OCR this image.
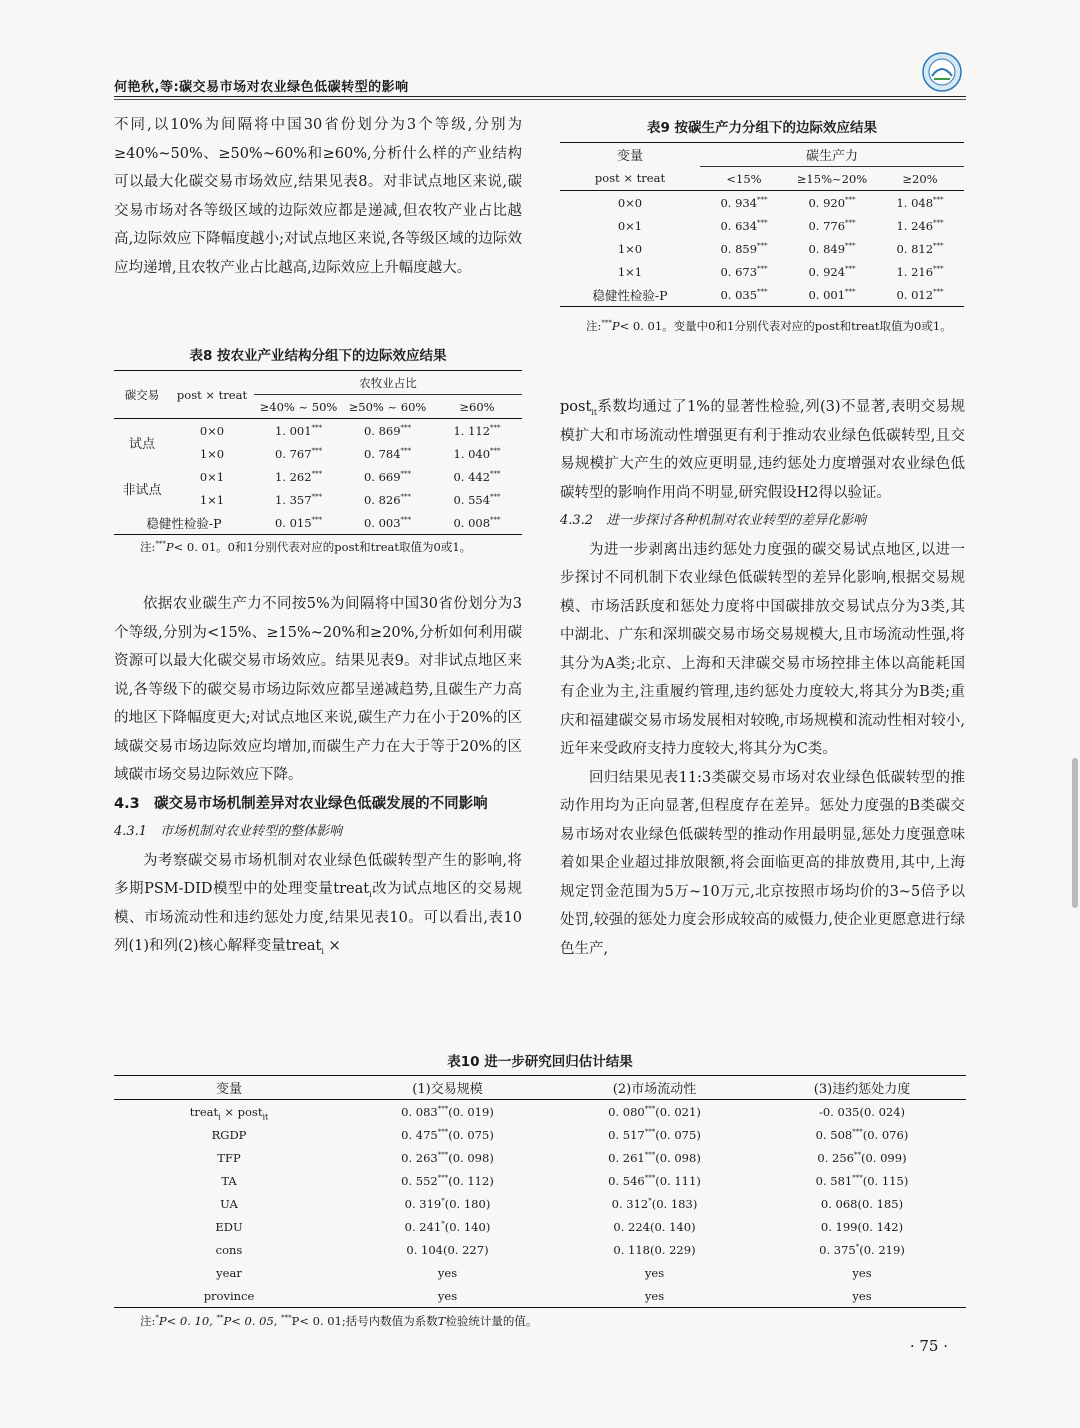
何艳秋,等:碳交易市场对农业绿色低碳转型的影响

不同,以10%为间隔将中国30省份划分为3个等级,分别为≥40%~50%、≥50%~60%和≥60%,分析什么样的产业结构可以最大化碳交易市场效应,结果见表8。对非试点地区来说,碳交易市场对各等级区域的边际效应都是递减,但农牧产业占比越高,边际效应下降幅度越小;对试点地区来说,各等级区域的边际效应均递增,且农牧产业占比越高,边际效应上升幅度越大。

表8 按农业产业结构分组下的边际效应结果
碳交易	post × treat	农牧业占比		
		≥40% ~ 50%	≥50% ~ 60%	≥60%
试点	0×0	1. 001***	0. 869***	1. 112***
	1×0	0. 767***	0. 784***	1. 040***
非试点	0×1	1. 262***	0. 669***	0. 442***
	1×1	1. 357***	0. 826***	0. 554***
稳健性检验-P		0. 015***	0. 003***	0. 008***
注:***P< 0. 01。0和1分别代表对应的post和treat取值为0或1。

依据农业碳生产力不同按5%为间隔将中国30省份划分为3个等级,分别为<15%、≥15%~20%和≥20%,分析如何利用碳资源可以最大化碳交易市场效应。结果见表9。对非试点地区来说,各等级下的碳交易市场边际效应都呈递减趋势,且碳生产力高的地区下降幅度更大;对试点地区来说,碳生产力在小于20%的区域碳交易市场边际效应均增加,而碳生产力在大于等于20%的区域碳市场交易边际效应下降。

4.3　碳交易市场机制差异对农业绿色低碳发展的不同影响

4.3.1　市场机制对农业转型的整体影响

为考察碳交易市场机制对农业绿色低碳转型产生的影响,将多期PSM-DID模型中的处理变量treat$_i$改为试点地区的交易规模、市场流动性和违约惩处力度,结果见表10。可以看出,表10列(1)和列(2)核心解释变量treat$_i$ ×

表9 按碳生产力分组下的边际效应结果
变量	碳生产力		
post × treat	<15%	≥15%~20%	≥20%
0×0	0. 934***	0. 920***	1. 048***
0×1	0. 634***	0. 776***	1. 246***
1×0	0. 859***	0. 849***	0. 812***
1×1	0. 673***	0. 924***	1. 216***
稳健性检验-P	0. 035***	0. 001***	0. 012***
注:***P< 0. 01。变量中0和1分别代表对应的post和treat取值为0或1。

post$_{it}$系数均通过了1%的显著性检验,列(3)不显著,表明交易规模扩大和市场流动性增强更有利于推动农业绿色低碳转型,且交易规模扩大产生的效应更明显,违约惩处力度增强对农业绿色低碳转型的影响作用尚不明显,研究假设H2得以验证。

4.3.2　进一步探讨各种机制对农业转型的差异化影响

为进一步剥离出违约惩处力度强的碳交易试点地区,以进一步探讨不同机制下农业绿色低碳转型的差异化影响,根据交易规模、市场活跃度和惩处力度将中国碳排放交易试点分为3类,其中湖北、广东和深圳碳交易市场交易规模大,且市场流动性强,将其分为A类;北京、上海和天津碳交易市场控排主体以高能耗国有企业为主,注重履约管理,违约惩处力度较大,将其分为B类;重庆和福建碳交易市场发展相对较晚,市场规模和流动性相对较小,近年来受政府支持力度较大,将其分为C类。

回归结果见表11:3类碳交易市场对农业绿色低碳转型的推动作用均为正向显著,但程度存在差异。惩处力度强的B类碳交易市场对农业绿色低碳转型的推动作用最明显,惩处力度强意味着如果企业超过排放限额,将会面临更高的排放费用,其中,上海规定罚金范围为5万~10万元,北京按照市场均价的3~5倍予以处罚,较强的惩处力度会形成较高的威慑力,使企业更愿意进行绿色生产,

表10 进一步研究回归估计结果
变量	(1)交易规模	(2)市场流动性	(3)违约惩处力度
treat$_i$ × post$_{it}$	0. 083***(0. 019)	0. 080***(0. 021)	-0. 035(0. 024)
RGDP	0. 475***(0. 075)	0. 517***(0. 075)	0. 508***(0. 076)
TFP	0. 263***(0. 098)	0. 261***(0. 098)	0. 256**(0. 099)
TA	0. 552***(0. 112)	0. 546***(0. 111)	0. 581***(0. 115)
UA	0. 319*(0. 180)	0. 312*(0. 183)	0. 068(0. 185)
EDU	0. 241*(0. 140)	0. 224(0. 140)	0. 199(0. 142)
cons	0. 104(0. 227)	0. 118(0. 229)	0. 375*(0. 219)
year	yes	yes	yes
province	yes	yes	yes
注:*P< 0. 10, **P< 0. 05, ***P< 0. 01;括号内数值为系数T检验统计量的值。
· 75 ·
